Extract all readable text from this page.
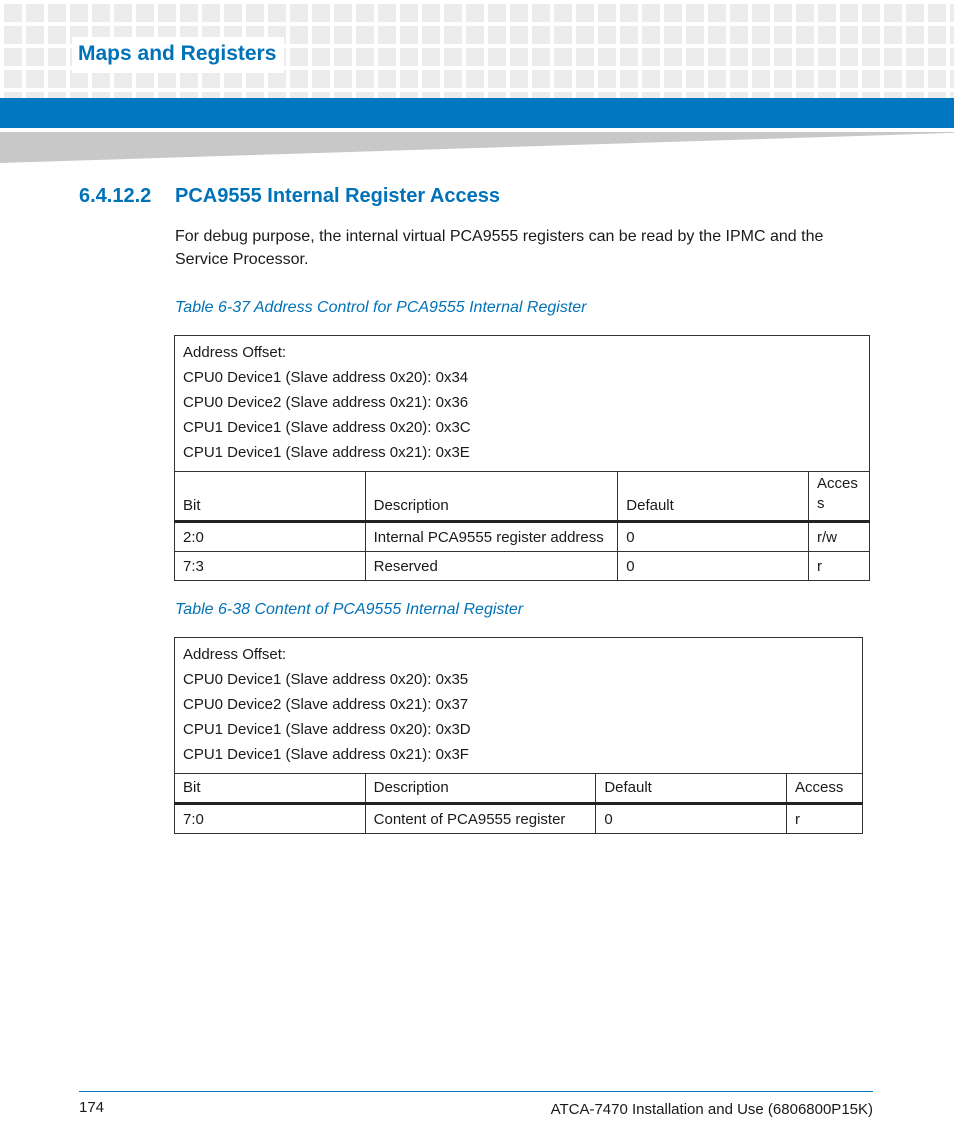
Maps and Registers
6.4.12.2 PCA9555 Internal Register Access

For debug purpose, the internal virtual PCA9555 registers can be read by the IPMC and the Service Processor.

Table 6-37 Address Control for PCA9555 Internal Register

Address Offset:
CPU0 Device1 (Slave address 0x20): 0x34
CPU0 Device2 (Slave address 0x21): 0x36
CPU1 Device1 (Slave address 0x20): 0x3C
CPU1 Device1 (Slave address 0x21): 0x3E			

Bit	Description	Default	Acces
s
2:0	Internal PCA9555 register address	0	r/w
7:3	Reserved	0	r

Table 6-38 Content of PCA9555 Internal Register

Address Offset:
CPU0 Device1 (Slave address 0x20): 0x35
CPU0 Device2 (Slave address 0x21): 0x37
CPU1 Device1 (Slave address 0x20): 0x3D
CPU1 Device1 (Slave address 0x21): 0x3F			

Bit	Description	Default	Access
7:0	Content of PCA9555 register	0	r
174	ATCA-7470 Installation and Use (6806800P15K)
